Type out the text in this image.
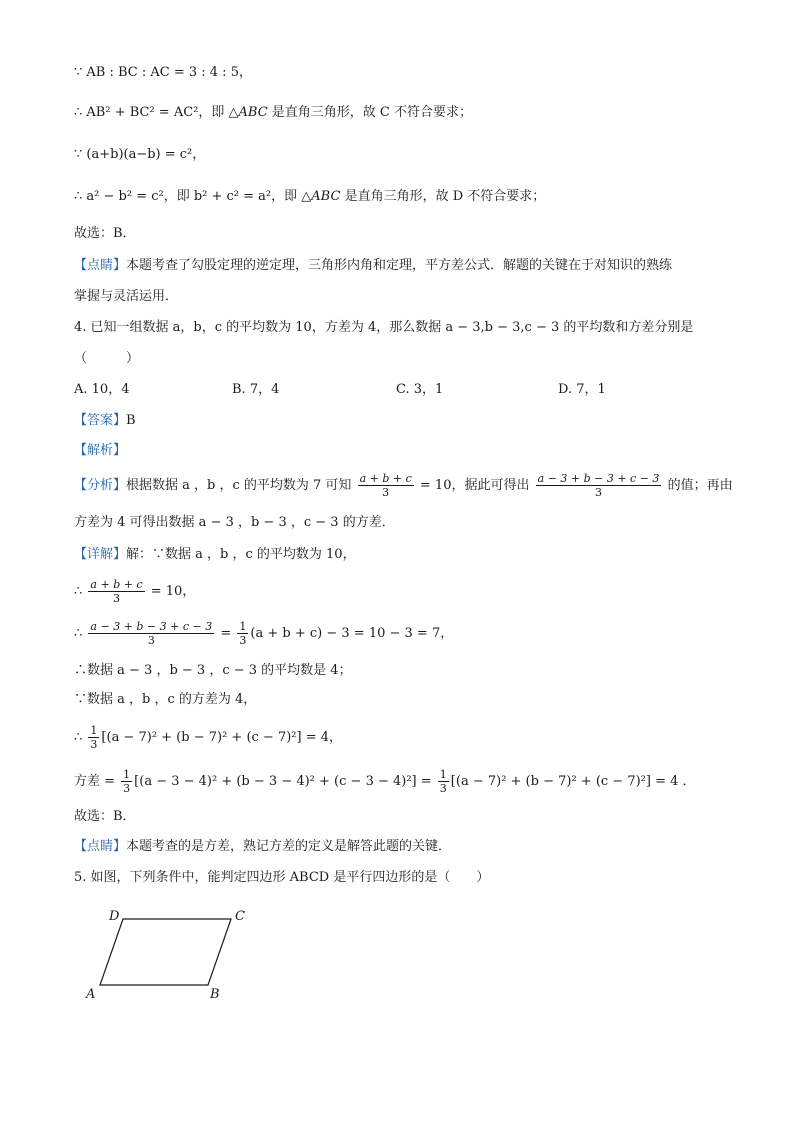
∵ AB : BC : AC = 3 : 4 : 5，
∴ AB² + BC² = AC²，即 △ABC 是直角三角形，故 C 不符合要求；
∵ (a+b)(a−b) = c²，
∴ a² − b² = c²，即 b² + c² = a²，即 △ABC 是直角三角形，故 D 不符合要求；
故选：B．
【点睛】本题考查了勾股定理的逆定理，三角形内角和定理，平方差公式．解题的关键在于对知识的熟练
掌握与灵活运用．
4. 已知一组数据 a，b，c 的平均数为 10，方差为 4，那么数据 a − 3,b − 3,c − 3 的平均数和方差分别是
（　　　）
A. 10，4	B. 7，4	C. 3，1	D. 7，1
【答案】B
【解析】
【分析】根据数据 a ，b ，c 的平均数为 7 可知 $\frac{a + b + c}{3} = 10$，据此可得出 $\frac{a - 3 + b - 3 + c - 3}{3}$ 的值；再由
方差为 4 可得出数据 a − 3 ，b − 3 ，c − 3 的方差．
【详解】解：∵数据 a ，b ，c 的平均数为 10，
∴ $\frac{a + b + c}{3} = 10$，
∴ $\frac{a - 3 + b - 3 + c - 3}{3} = \frac{1}{3} (a + b + c) - 3 = 10 - 3 = 7$，
∴数据 a − 3 ，b − 3 ，c − 3 的平均数是 4；
∵数据 a ，b ，c 的方差为 4，
∴ $\frac{1}{3} [(a - 7)^2 + (b - 7)^2 + (c - 7)^2] = 4$，
方差 = $\frac{1}{3} [(a - 3 - 4)^2 + (b - 3 - 4)^2 + (c - 3 - 4)^2] = \frac{1}{3} [(a - 7)^2 + (b - 7)^2 + (c - 7)^2] = 4$ ．
故选：B．
【点睛】本题考查的是方差，熟记方差的定义是解答此题的关键．
5. 如图，下列条件中，能判定四边形 ABCD 是平行四边形的是（　　）
D	C
A	B
